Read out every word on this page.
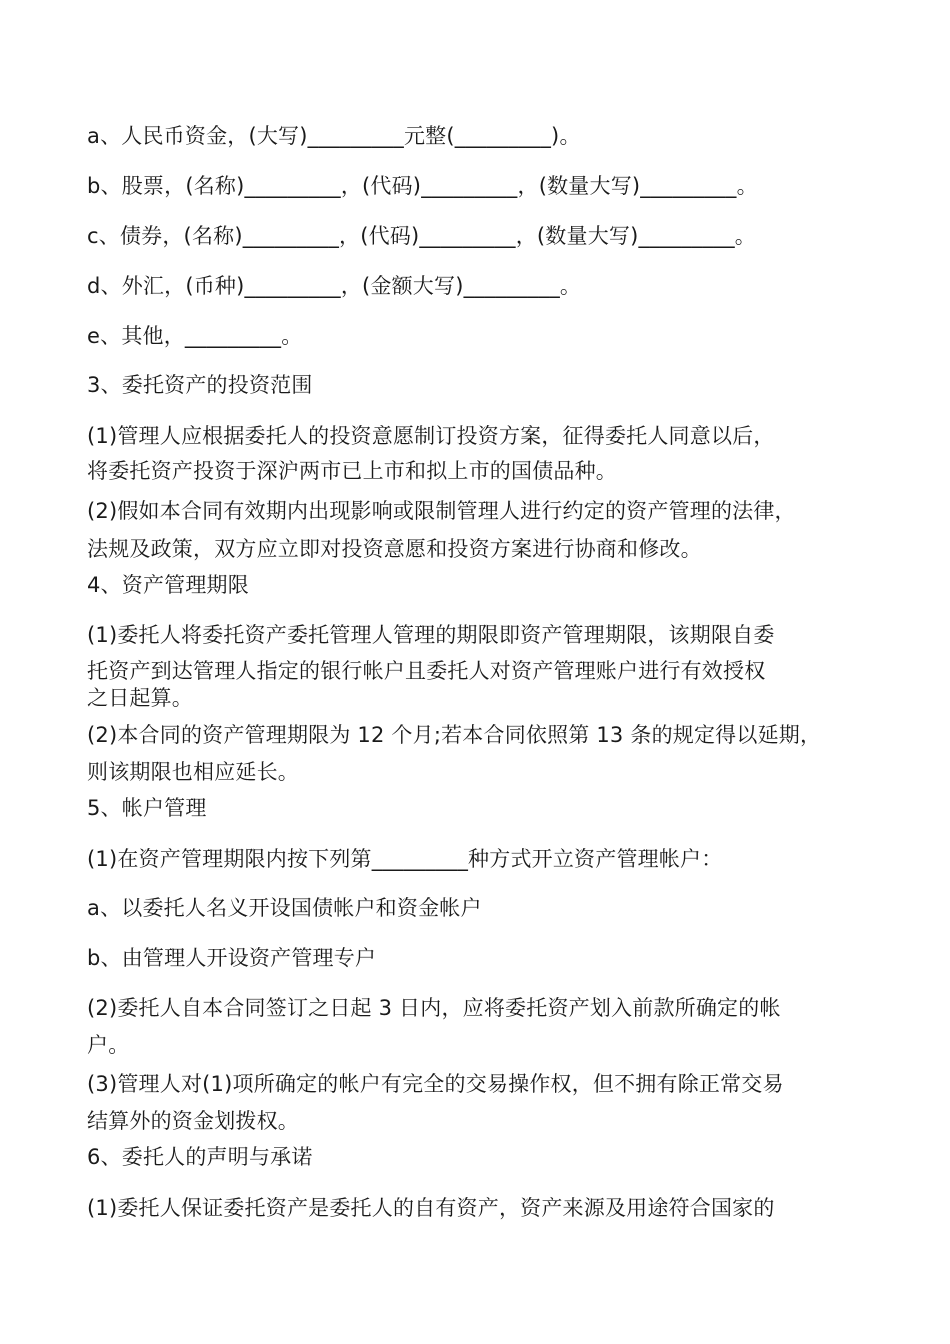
a、人民币资金，(大写)_________元整(_________)。
b、股票，(名称)_________，(代码)_________，(数量大写)_________。
c、债券，(名称)_________，(代码)_________，(数量大写)_________。
d、外汇，(币种)_________，(金额大写)_________。
e、其他，_________。
3、委托资产的投资范围
(1)管理人应根据委托人的投资意愿制订投资方案，征得委托人同意以后，
将委托资产投资于深沪两市已上市和拟上市的国债品种。
(2)假如本合同有效期内出现影响或限制管理人进行约定的资产管理的法律，
法规及政策，双方应立即对投资意愿和投资方案进行协商和修改。
4、资产管理期限
(1)委托人将委托资产委托管理人管理的期限即资产管理期限，该期限自委
托资产到达管理人指定的银行帐户且委托人对资产管理账户进行有效授权
之日起算。
(2)本合同的资产管理期限为 12 个月;若本合同依照第 13 条的规定得以延期，
则该期限也相应延长。
5、帐户管理
(1)在资产管理期限内按下列第_________种方式开立资产管理帐户：
a、以委托人名义开设国债帐户和资金帐户
b、由管理人开设资产管理专户
(2)委托人自本合同签订之日起 3 日内，应将委托资产划入前款所确定的帐
户。
(3)管理人对(1)项所确定的帐户有完全的交易操作权，但不拥有除正常交易
结算外的资金划拨权。
6、委托人的声明与承诺
(1)委托人保证委托资产是委托人的自有资产，资产来源及用途符合国家的
